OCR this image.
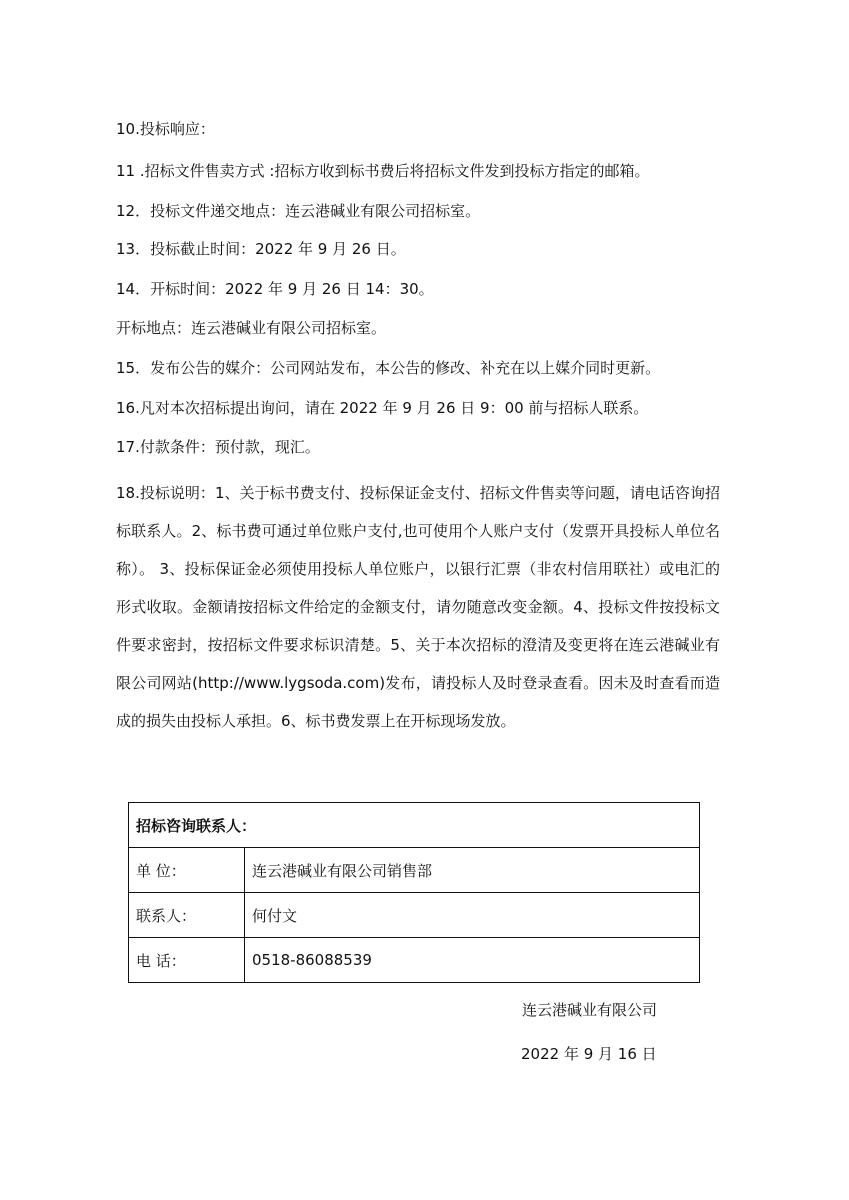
10.投标响应：
11 .招标文件售卖方式 :招标方收到标书费后将招标文件发到投标方指定的邮箱。
12．投标文件递交地点：连云港碱业有限公司招标室。
13．投标截止时间：2022 年 9 月 26 日。
14．开标时间：2022 年 9 月 26 日 14：30。
开标地点：连云港碱业有限公司招标室。
15．发布公告的媒介：公司网站发布，本公告的修改、补充在以上媒介同时更新。
16.凡对本次招标提出询问，请在 2022 年 9 月 26 日 9：00 前与招标人联系。
17.付款条件：预付款，现汇。
18.投标说明：1、关于标书费支付、投标保证金支付、招标文件售卖等问题，请电话咨询招标联系人。2、标书费可通过单位账户支付,也可使用个人账户支付（发票开具投标人单位名称）。 3、投标保证金必须使用投标人单位账户，以银行汇票（非农村信用联社）或电汇的形式收取。金额请按招标文件给定的金额支付，请勿随意改变金额。4、投标文件按投标文件要求密封，按招标文件要求标识清楚。5、关于本次招标的澄清及变更将在连云港碱业有限公司网站(http://www.lygsoda.com)发布，请投标人及时登录查看。因未及时查看而造成的损失由投标人承担。6、标书费发票上在开标现场发放。
招标咨询联系人：	
单 位：	连云港碱业有限公司销售部
联系人：	何付文
电 话：	0518-86088539
连云港碱业有限公司
2022 年 9 月 16 日
